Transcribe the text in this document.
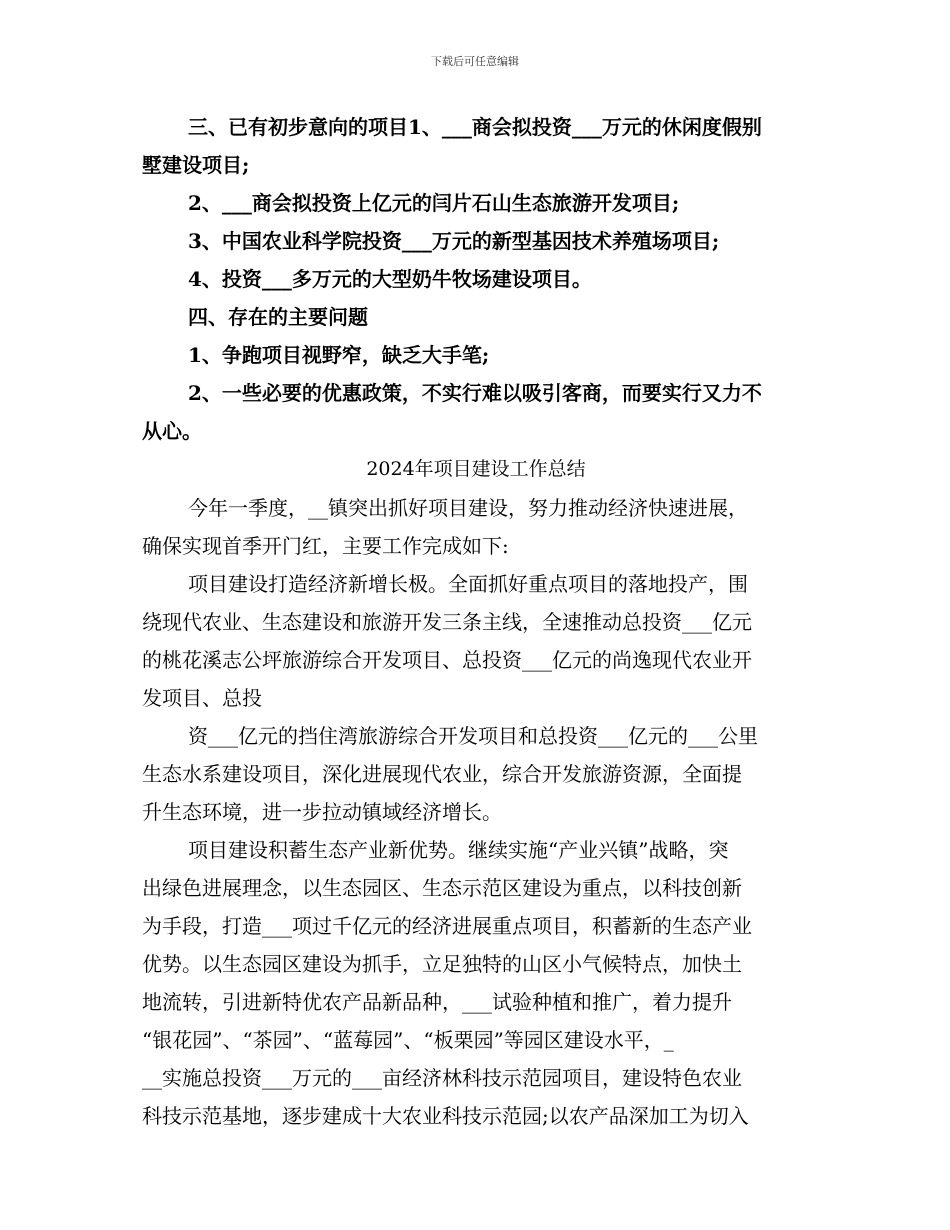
下载后可任意编辑
三、已有初步意向的项目1、___商会拟投资___万元的休闲度假别
墅建设项目;
2、___商会拟投资上亿元的闫片石山生态旅游开发项目;
3、中国农业科学院投资___万元的新型基因技术养殖场项目;
4、投资___多万元的大型奶牛牧场建设项目。
四、存在的主要问题
1、争跑项目视野窄，缺乏大手笔;
2、一些必要的优惠政策，不实行难以吸引客商，而要实行又力不
从心。
2024年项目建设工作总结
今年一季度，__镇突出抓好项目建设，努力推动经济快速进展，
确保实现首季开门红，主要工作完成如下:
项目建设打造经济新增长极。全面抓好重点项目的落地投产，围
绕现代农业、生态建设和旅游开发三条主线，全速推动总投资___亿元
的桃花溪志公坪旅游综合开发项目、总投资___亿元的尚逸现代农业开
发项目、总投
资___亿元的挡住湾旅游综合开发项目和总投资___亿元的___公里
生态水系建设项目，深化进展现代农业，综合开发旅游资源，全面提
升生态环境，进一步拉动镇域经济增长。
项目建设积蓄生态产业新优势。继续实施“产业兴镇”战略，突
出绿色进展理念，以生态园区、生态示范区建设为重点，以科技创新
为手段，打造___项过千亿元的经济进展重点项目，积蓄新的生态产业
优势。以生态园区建设为抓手，立足独特的山区小气候特点，加快土
地流转，引进新特优农产品新品种，___试验种植和推广，着力提升
“银花园”、“茶园”、“蓝莓园”、“板栗园”等园区建设水平，_
__实施总投资___万元的___亩经济林科技示范园项目，建设特色农业
科技示范基地，逐步建成十大农业科技示范园;以农产品深加工为切入
